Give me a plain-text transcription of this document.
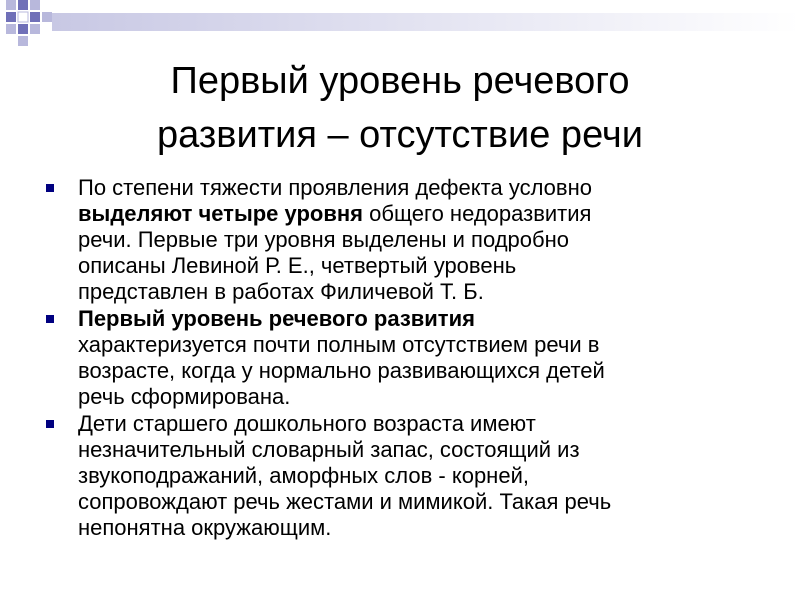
Первый уровень речевого
развития – отсутствие речи
По степени тяжести проявления дефекта условно
выделяют четыре уровня общего недоразвития
речи. Первые три уровня выделены и подробно
описаны Левиной Р. Е., четвертый уровень
представлен в работах Филичевой Т. Б.
Первый уровень речевого развития
характеризуется почти полным отсутствием речи в
возрасте, когда у нормально развивающихся детей
речь сформирована.
Дети старшего дошкольного возраста имеют
незначительный словарный запас, состоящий из
звукоподражаний, аморфных слов - корней,
сопровождают речь жестами и мимикой. Такая речь
непонятна окружающим.
